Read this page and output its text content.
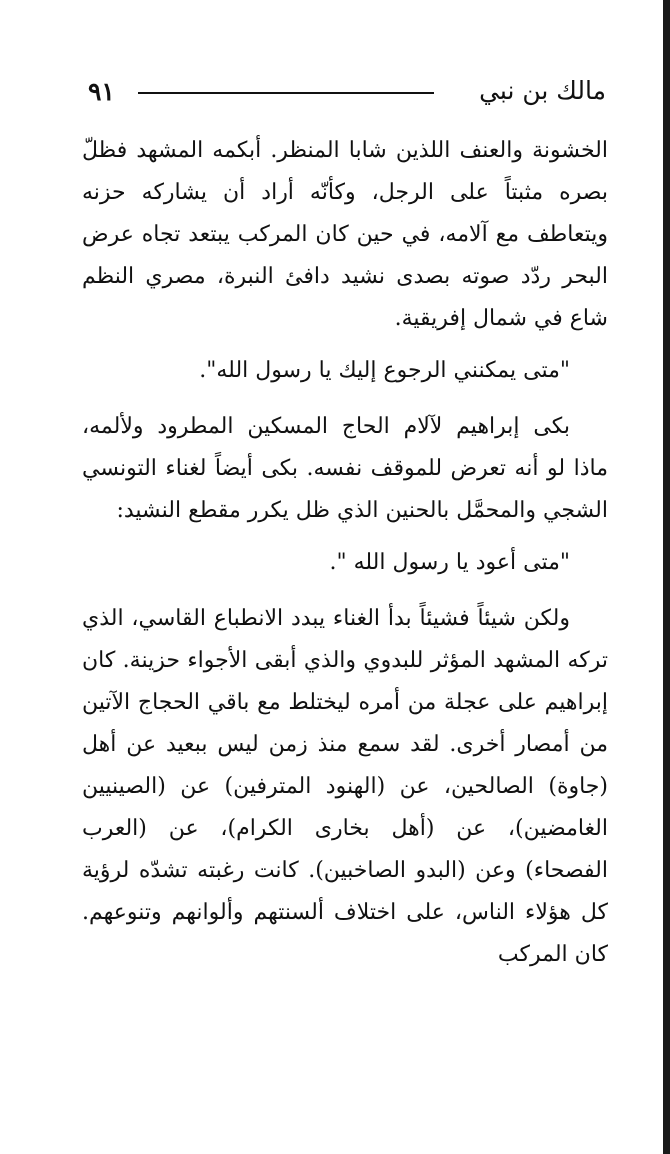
٩١	مالك بن نبي

الخشونة والعنف اللذين شابا المنظر. أبكمه المشهد فظلّ بصره مثبتاً على الرجل، وكأنّه أراد أن يشاركه حزنه ويتعاطف مع آلامه، في حين كان المركب يبتعد تجاه عرض البحر ردّد صوته بصدى نشيد دافئ النبرة، مصري النظم شاع في شمال إفريقية.

"متى يمكنني الرجوع إليك يا رسول الله".

بكى إبراهيم لآلام الحاج المسكين المطرود ولألمه، ماذا لو أنه تعرض للموقف نفسه. بكى أيضاً لغناء التونسي الشجي والمحمَّل بالحنين الذي ظل يكرر مقطع النشيد:

"متى أعود يا رسول الله ".

ولكن شيئاً فشيئاً بدأ الغناء يبدد الانطباع القاسي، الذي تركه المشهد المؤثر للبدوي والذي أبقى الأجواء حزينة. كان إبراهيم على عجلة من أمره ليختلط مع باقي الحجاج الآتين من أمصار أخرى. لقد سمع منذ زمن ليس ببعيد عن أهل (جاوة) الصالحين، عن (الهنود المترفين) عن (الصينيين الغامضين)، عن (أهل بخارى الكرام)، عن (العرب الفصحاء) وعن (البدو الصاخبين). كانت رغبته تشدّه لرؤية كل هؤلاء الناس، على اختلاف ألسنتهم وألوانهم وتنوعهم. كان المركب
